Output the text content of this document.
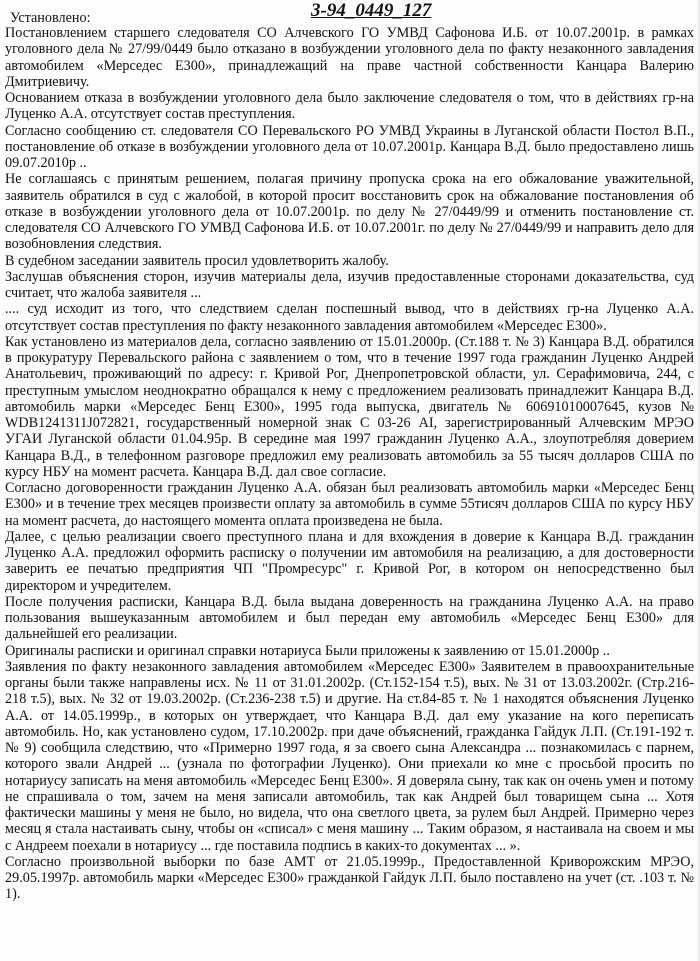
Установлено:	3-94_0449_127

Постановлением старшего следователя СО Алчевского ГО УМВД Сафонова И.Б. от 10.07.2001р. в рамках уголовного дела № 27/99/0449 было отказано в возбуждении уголовного дела по факту незаконного завладения автомобилем «Мерседес Е300», принадлежащий на праве частной собственности Канцара Валерию Дмитриевичу.

Основанием отказа в возбуждении уголовного дела было заключение следователя о том, что в действиях гр-на Луценко А.А. отсутствует состав преступления.

Согласно сообщению ст. следователя СО Перевальского РО УМВД Украины в Луганской области Постол В.П., постановление об отказе в возбуждении уголовного дела от 10.07.2001р. Канцара В.Д. было предоставлено лишь 09.07.2010р ..

Не соглашаясь с принятым решением, полагая причину пропуска срока на его обжалование уважительной, заявитель обратился в суд с жалобой, в которой просит восстановить срок на обжалование постановления об отказе в возбуждении уголовного дела от 10.07.2001р. по делу № 27/0449/99 и отменить постановление ст. следователя СО Алчевского ГО УМВД Сафонова И.Б. от 10.07.2001г. по делу № 27/0449/99 и направить дело для возобновления следствия.

В судебном заседании заявитель просил удовлетворить жалобу.

Заслушав объяснения сторон, изучив материалы дела, изучив предоставленные сторонами доказательства, суд считает, что жалоба заявителя ...

.... суд исходит из того, что следствием сделан поспешный вывод, что в действиях гр-на Луценко А.А. отсутствует состав преступления по факту незаконного завладения автомобилем «Мерседес Е300».

Как установлено из материалов дела, согласно заявлению от 15.01.2000р. (Ст.188 т. № 3) Канцара В.Д. обратился в прокуратуру Перевальского района с заявлением о том, что в течение 1997 года гражданин Луценко Андрей Анатольевич, проживающий по адресу: г. Кривой Рог, Днепропетровской области, ул. Серафимовича, 244, с преступным умыслом неоднократно обращался к нему с предложением реализовать принадлежит Канцара В.Д. автомобиль марки «Мерседес Бенц Е300», 1995 года выпуска, двигатель № 60691010007645, кузов № WDB1241311J072821, государственный номерной знак С 03-26 AI, зарегистрированный Алчевским МРЭО УГАИ Луганской области 01.04.95р. В середине мая 1997 гражданин Луценко А.А., злоупотребляя доверием Канцара В.Д., в телефонном разговоре предложил ему реализовать автомобиль за 55 тысяч долларов США по курсу НБУ на момент расчета. Канцара В.Д. дал свое согласие.

Согласно договоренности гражданин Луценко А.А. обязан был реализовать автомобиль марки «Мерседес Бенц Е300» и в течение трех месяцев произвести оплату за автомобиль в сумме 55тисяч долларов США по курсу НБУ на момент расчета, до настоящего момента оплата произведена не была.

Далее, с целью реализации своего преступного плана и для вхождения в доверие к Канцара В.Д. гражданин Луценко А.А. предложил оформить расписку о получении им автомобиля на реализацию, а для достоверности заверить ее печатью предприятия ЧП "Промресурс" г. Кривой Рог, в котором он непосредственно был директором и учредителем.

После получения расписки, Канцара В.Д. была выдана доверенность на гражданина Луценко А.А. на право пользования вышеуказанным автомобилем и был передан ему автомобиль «Мерседес Бенц Е300» для дальнейшей его реализации.

Оригиналы расписки и оригинал справки нотариуса Были приложены к заявлению от 15.01.2000р ..

Заявления по факту незаконного завладения автомобилем «Мерседес Е300» Заявителем в правоохранительные органы были также направлены исх. № 11 от 31.01.2002р. (Ст.152-154 т.5), вых. № 31 от 13.03.2002г. (Стр.216-218 т.5), вых. № 32 от 19.03.2002р. (Ст.236-238 т.5) и другие. На ст.84-85 т. № 1 находятся объяснения Луценко А.А. от 14.05.1999р., в которых он утверждает, что Канцара В.Д. дал ему указание на кого переписать автомобиль. Но, как установлено судом, 17.10.2002р. при даче объяснений, гражданка Гайдук Л.П. (Ст.191-192 т. № 9) сообщила следствию, что «Примерно 1997 года, я за своего сына Александра ... познакомилась с парнем, которого звали Андрей ... (узнала по фотографии Луценко). Они приехали ко мне с просьбой просить по нотариусу записать на меня автомобиль «Мерседес Бенц Е300». Я доверяла сыну, так как он очень умен и потому не спрашивала о том, зачем на меня записали автомобиль, так как Андрей был товарищем сына ... Хотя фактически машины у меня не было, но видела, что она светлого цвета, за рулем был Андрей. Примерно через месяц я стала настаивать сыну, чтобы он «списал» с меня машину ... Таким образом, я настаивала на своем и мы с Андреем поехали в нотариусу ... где поставила подпись в каких-то документах ... ».

Согласно произвольной выборки по базе АМТ от 21.05.1999р., Предоставленной Криворожским МРЭО, 29.05.1997р. автомобиль марки «Мерседес Е300» гражданкой Гайдук Л.П. было поставлено на учет (ст. .103 т. № 1).
